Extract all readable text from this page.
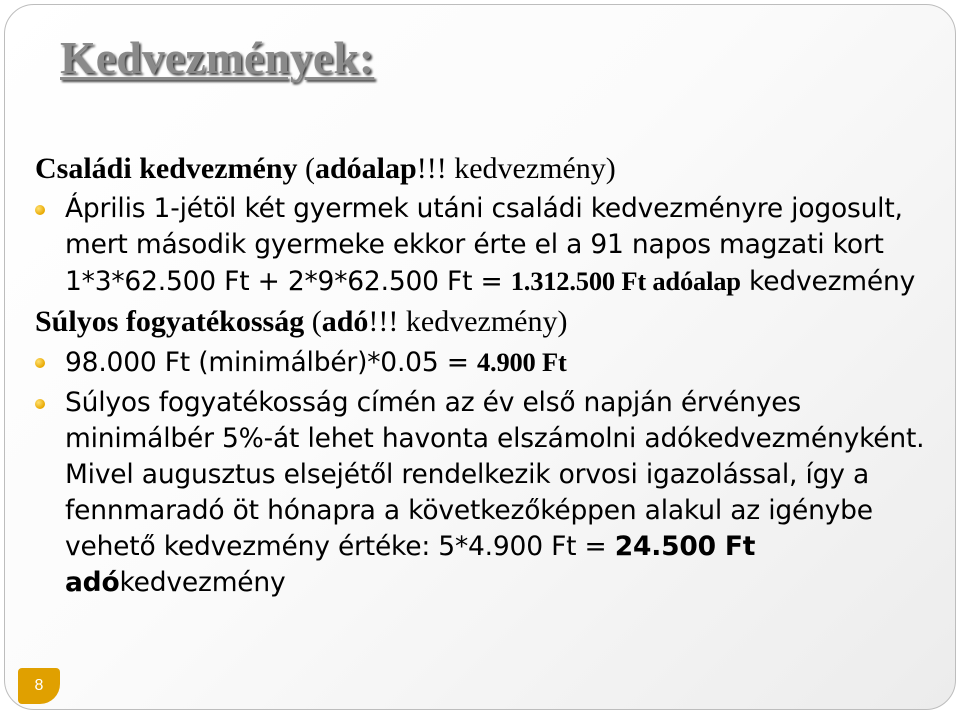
Kedvezmények:
Családi kedvezmény (adóalap!!! kedvezmény)
Április 1-jétöl két gyermek utáni családi kedvezményre jogosult, mert második gyermeke ekkor érte el a 91 napos magzati kort 1*3*62.500 Ft + 2*9*62.500 Ft = 1.312.500 Ft adóalap kedvezmény
Súlyos fogyatékosság (adó!!! kedvezmény)
98.000 Ft (minimálbér)*0.05 = 4.900 Ft
Súlyos fogyatékosság címén az év első napján érvényes minimálbér 5%-át lehet havonta elszámolni adókedvezményként. Mivel augusztus elsejétől rendelkezik orvosi igazolással, így a fennmaradó öt hónapra a következőképpen alakul az igénybe vehető kedvezmény értéke: 5*4.900 Ft = 24.500 Ft adókedvezmény
8
